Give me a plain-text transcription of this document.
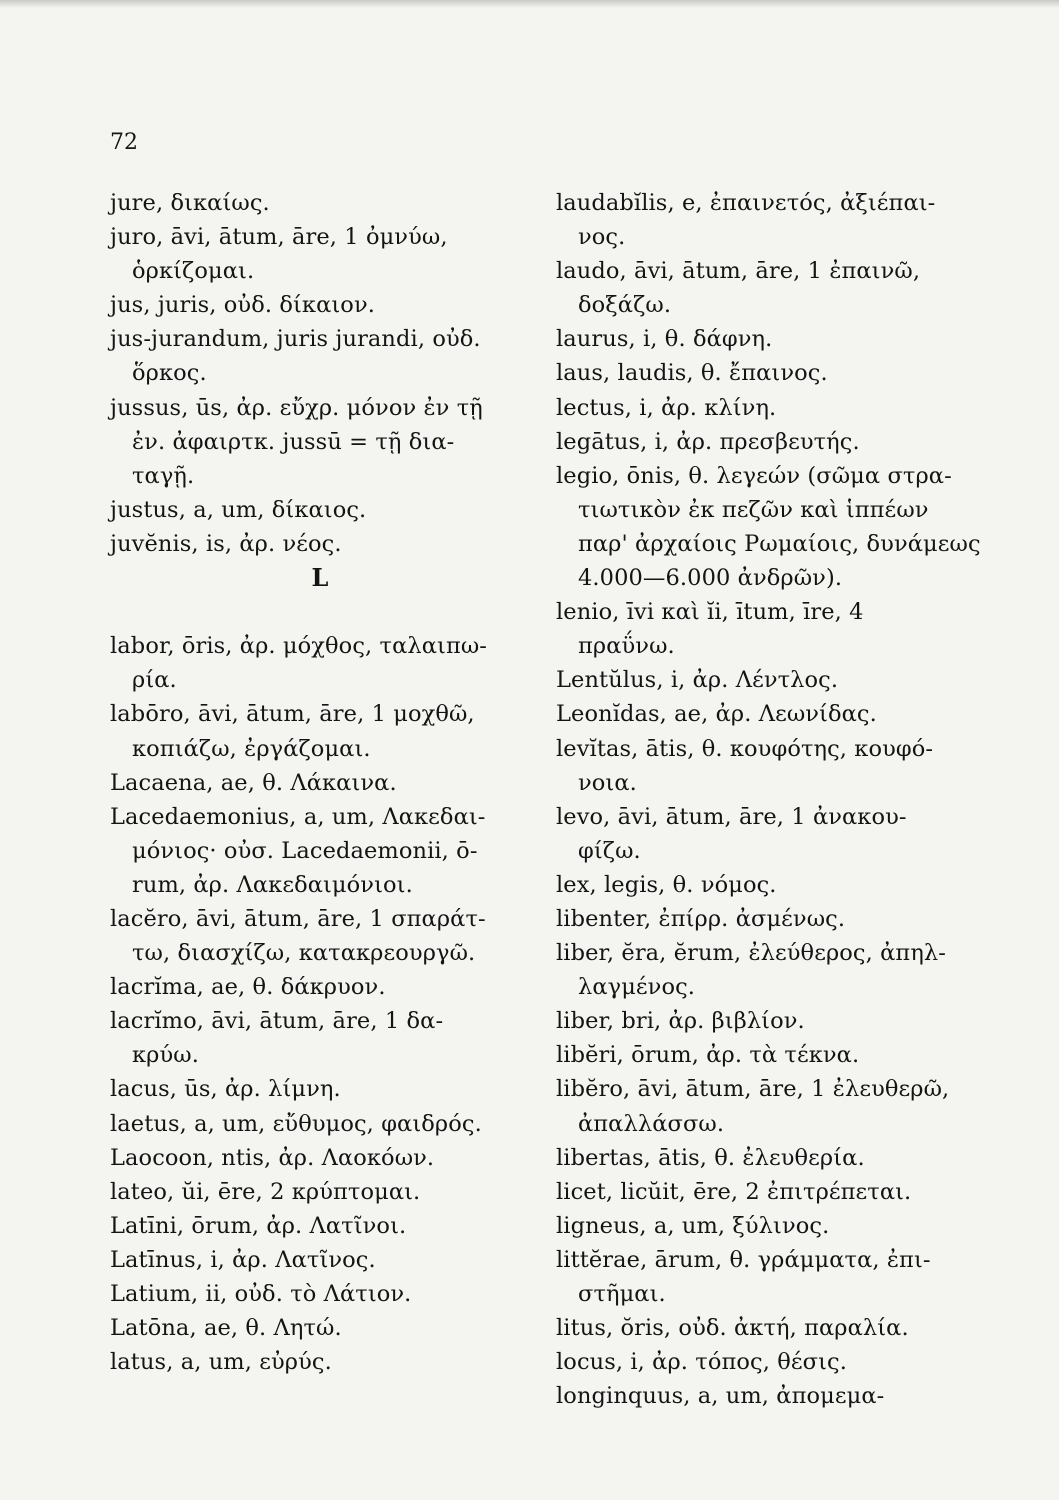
72
jure, δικαίως.
juro, āvi, ātum, āre, 1 ὀμνύω,
ὁρκίζομαι.
jus, juris, οὐδ. δίκαιον.
jus-jurandum, juris jurandi, οὐδ.
ὅρκος.
jussus, ūs, ἀρ. εὔχρ. μόνον ἐν τῇ
ἐν. ἀφαιρτκ. jussū = τῇ δια-
ταγῇ.
justus, a, um, δίκαιος.
juvĕnis, is, ἀρ. νέος.
L
labor, ōris, ἀρ. μόχθος, ταλαιπω-
ρία.
labōro, āvi, ātum, āre, 1 μοχθῶ,
κοπιάζω, ἐργάζομαι.
Lacaena, ae, θ. Λάκαινα.
Lacedaemonius, a, um, Λακεδαι-
μόνιος· οὐσ. Lacedaemonii, ō-
rum, ἀρ. Λακεδαιμόνιοι.
lacĕro, āvi, ātum, āre, 1 σπαράτ-
τω, διασχίζω, κατακρεουργῶ.
lacrĭma, ae, θ. δάκρυον.
lacrĭmo, āvi, ātum, āre, 1 δα-
κρύω.
lacus, ūs, ἀρ. λίμνη.
laetus, a, um, εὔθυμος, φαιδρός.
Laocoon, ntis, ἀρ. Λαοκόων.
lateo, ŭi, ēre, 2 κρύπτομαι.
Latīni, ōrum, ἀρ. Λατῖνοι.
Latīnus, i, ἀρ. Λατῖνος.
Latium, ii, οὐδ. τὸ Λάτιον.
Latōna, ae, θ. Λητώ.
latus, a, um, εὐρύς.
laudabĭlis, e, ἐπαινετός, ἀξιέπαι-
νος.
laudo, āvi, ātum, āre, 1 ἐπαινῶ,
δοξάζω.
laurus, i, θ. δάφνη.
laus, laudis, θ. ἔπαινος.
lectus, i, ἀρ. κλίνη.
legātus, i, ἀρ. πρεσβευτής.
legio, ōnis, θ. λεγεών (σῶμα στρα-
τιωτικὸν ἐκ πεζῶν καὶ ἱππέων
παρ' ἀρχαίοις Ρωμαίοις, δυνάμεως
4.000—6.000 ἀνδρῶν).
lenio, īvi καὶ ĭi, ītum, īre, 4
πραΰνω.
Lentŭlus, i, ἀρ. Λέντλος.
Leonĭdas, ae, ἀρ. Λεωνίδας.
levĭtas, ātis, θ. κουφότης, κουφό-
νοια.
levo, āvi, ātum, āre, 1 ἀνακου-
φίζω.
lex, legis, θ. νόμος.
libenter, ἐπίρρ. ἀσμένως.
liber, ĕra, ĕrum, ἐλεύθερος, ἀπηλ-
λαγμένος.
liber, bri, ἀρ. βιβλίον.
libĕri, ōrum, ἀρ. τὰ τέκνα.
libĕro, āvi, ātum, āre, 1 ἐλευθερῶ,
ἀπαλλάσσω.
libertas, ātis, θ. ἐλευθερία.
licet, licŭit, ēre, 2 ἐπιτρέπεται.
ligneus, a, um, ξύλινος.
littĕrae, ārum, θ. γράμματα, ἐπι-
στῆμαι.
litus, ŏris, οὐδ. ἀκτή, παραλία.
locus, i, ἀρ. τόπος, θέσις.
longinquus, a, um, ἀπομεμα-
